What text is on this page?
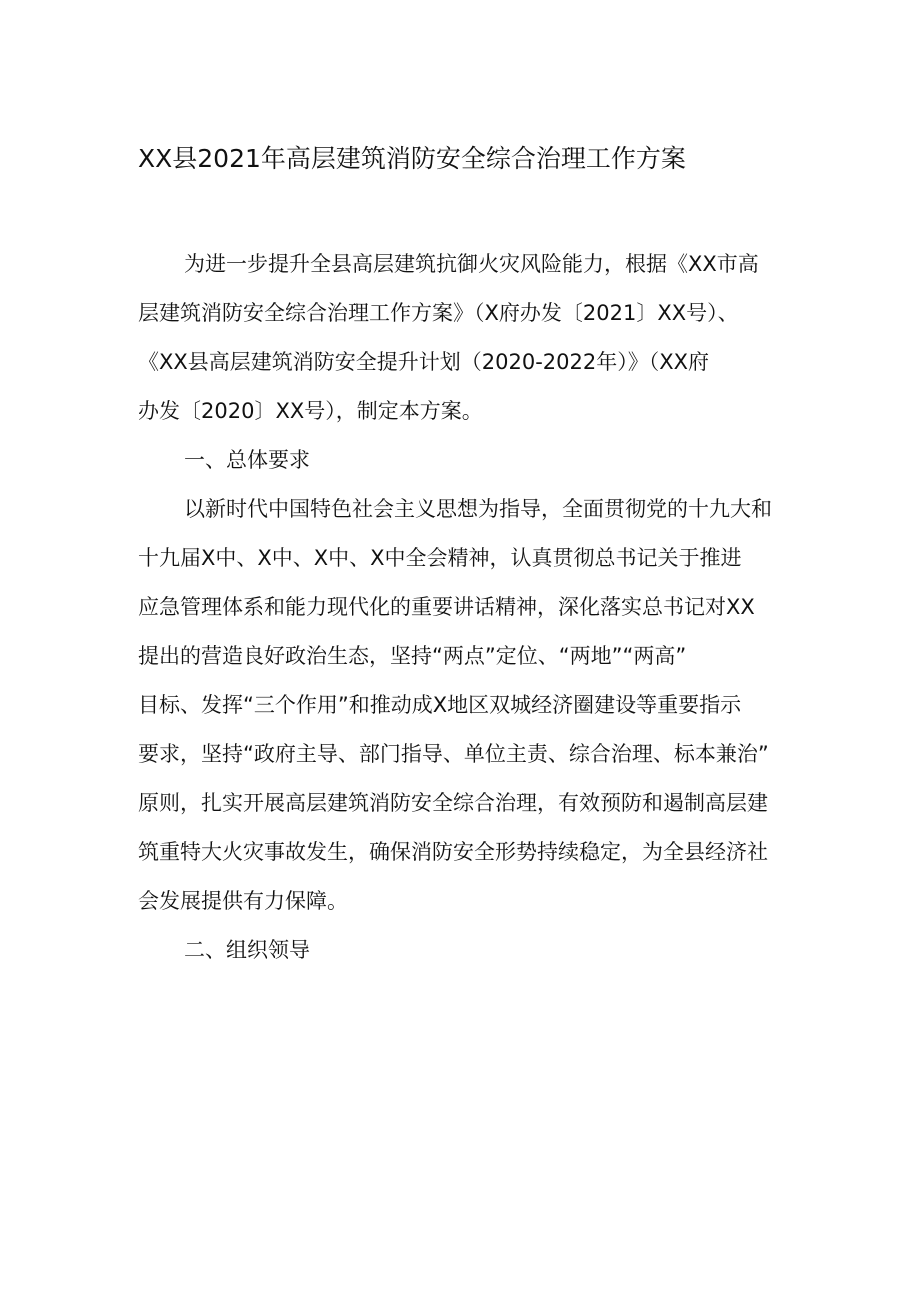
XX县2021年高层建筑消防安全综合治理工作方案
为进一步提升全县高层建筑抗御火灾风险能力，根据《XX市高
层建筑消防安全综合治理工作方案》（X府办发〔2021〕XX号）、
《XX县高层建筑消防安全提升计划（2020-2022年）》（XX府
办发〔2020〕XX号），制定本方案。
一、总体要求
以新时代中国特色社会主义思想为指导，全面贯彻党的十九大和
十九届X中、X中、X中、X中全会精神，认真贯彻总书记关于推进
应急管理体系和能力现代化的重要讲话精神，深化落实总书记对XX
提出的营造良好政治生态，坚持“两点”定位、“两地”“两高”
目标、发挥“三个作用”和推动成X地区双城经济圈建设等重要指示
要求，坚持“政府主导、部门指导、单位主责、综合治理、标本兼治”
原则，扎实开展高层建筑消防安全综合治理，有效预防和遏制高层建
筑重特大火灾事故发生，确保消防安全形势持续稳定，为全县经济社
会发展提供有力保障。
二、组织领导
